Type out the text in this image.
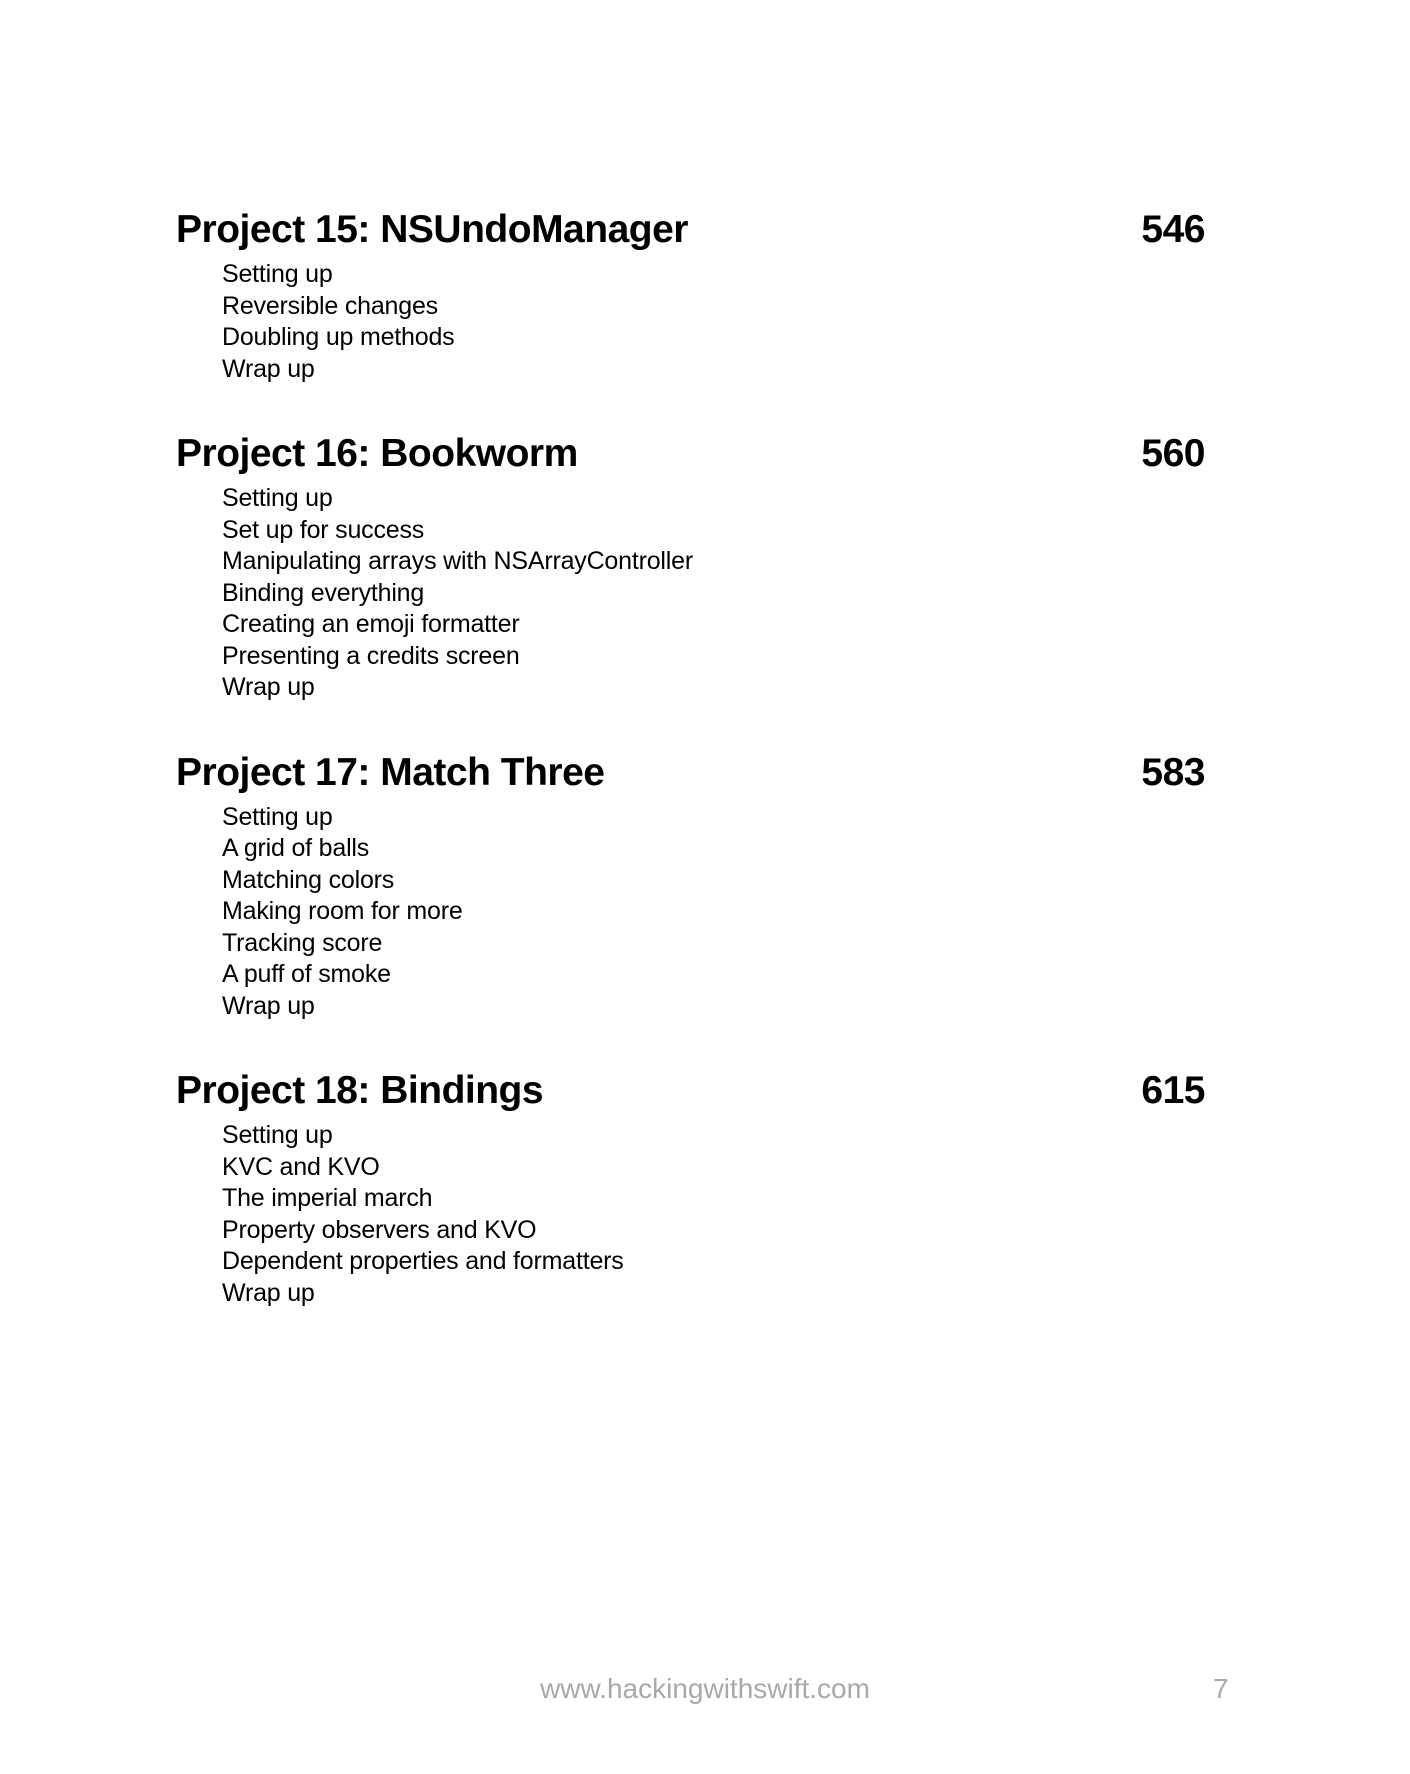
Project 15: NSUndoManager	546
Setting up
Reversible changes
Doubling up methods
Wrap up
Project 16: Bookworm	560
Setting up
Set up for success
Manipulating arrays with NSArrayController
Binding everything
Creating an emoji formatter
Presenting a credits screen
Wrap up
Project 17: Match Three	583
Setting up
A grid of balls
Matching colors
Making room for more
Tracking score
A puff of smoke
Wrap up
Project 18: Bindings	615
Setting up
KVC and KVO
The imperial march
Property observers and KVO
Dependent properties and formatters
Wrap up
www.hackingwithswift.com	7
